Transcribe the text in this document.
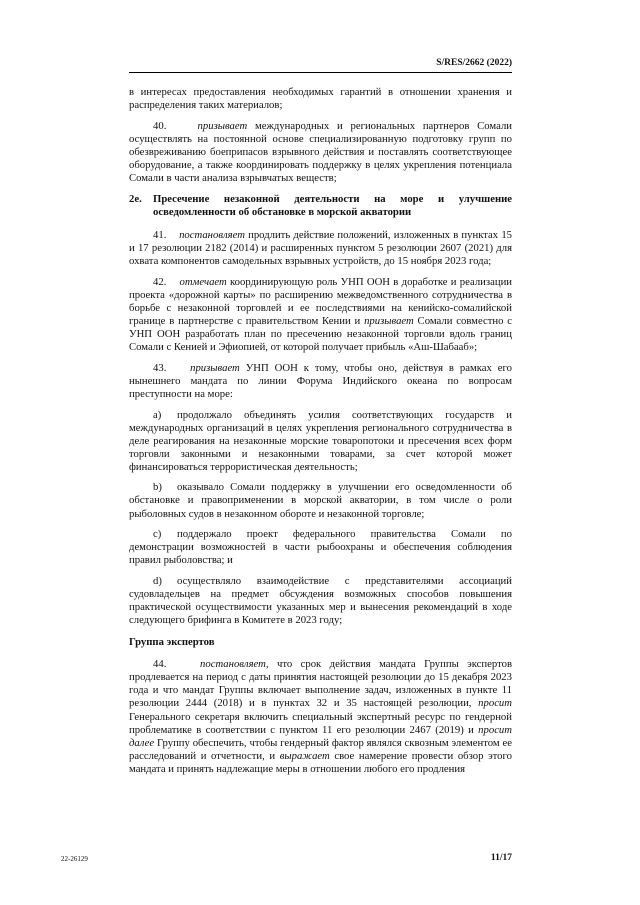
S/RES/2662 (2022)

в интересах предоставления необходимых гарантий в отношении хранения и распределения таких материалов;

40.	призывает международных и региональных партнеров Сомали осуществлять на постоянной основе специализированную подготовку групп по обезвреживанию боеприпасов взрывного действия и поставлять соответствующее оборудование, а также координировать поддержку в целях укрепления потенциала Сомали в части анализа взрывчатых веществ;

2e.	Пресечение незаконной деятельности на море и улучшение осведомленности об обстановке в морской акватории

41. постановляет продлить действие положений, изложенных в пунктах 15 и 17 резолюции 2182 (2014) и расширенных пунктом 5 резолюции 2607 (2021) для охвата компонентов самодельных взрывных устройств, до 15 ноября 2023 года;

42. отмечает координирующую роль УНП ООН в доработке и реализации проекта «дорожной карты» по расширению межведомственного сотрудничества в борьбе с незаконной торговлей и ее последствиями на кенийско-сомалийской границе в партнерстве с правительством Кении и призывает Сомали совместно с УНП ООН разработать план по пресечению незаконной торговли вдоль границ Сомали с Кенией и Эфиопией, от которой получает прибыль «Аш-Шабааб»;

43. призывает УНП ООН к тому, чтобы оно, действуя в рамках его нынешнего мандата по линии Форума Индийского океана по вопросам преступности на море:

a) продолжало объединять усилия соответствующих государств и международных организаций в целях укрепления регионального сотрудничества в деле реагирования на незаконные морские товаропотоки и пресечения всех форм торговли законными и незаконными товарами, за счет которой может финансироваться террористическая деятельность;

b) оказывало Сомали поддержку в улучшении его осведомленности об обстановке и правоприменении в морской акватории, в том числе о роли рыболовных судов в незаконном обороте и незаконной торговле;

c) поддержало проект федерального правительства Сомали по демонстрации возможностей в части рыбоохраны и обеспечения соблюдения правил рыболовства; и

d) осуществляло взаимодействие с представителями ассоциаций судовладельцев на предмет обсуждения возможных способов повышения практической осуществимости указанных мер и вынесения рекомендаций в ходе следующего брифинга в Комитете в 2023 году;

Группа экспертов

44.	постановляет, что срок действия мандата Группы экспертов продлевается на период с даты принятия настоящей резолюции до 15 декабря 2023 года и что мандат Группы включает выполнение задач, изложенных в пункте 11 резолюции 2444 (2018) и в пунктах 32 и 35 настоящей резолюции, просит Генерального секретаря включить специальный экспертный ресурс по гендерной проблематике в соответствии с пунктом 11 его резолюции 2467 (2019) и просит далее Группу обеспечить, чтобы гендерный фактор являлся сквозным элементом ее расследований и отчетности, и выражает свое намерение провести обзор этого мандата и принять надлежащие меры в отношении любого его продления

22-26129	11/17
